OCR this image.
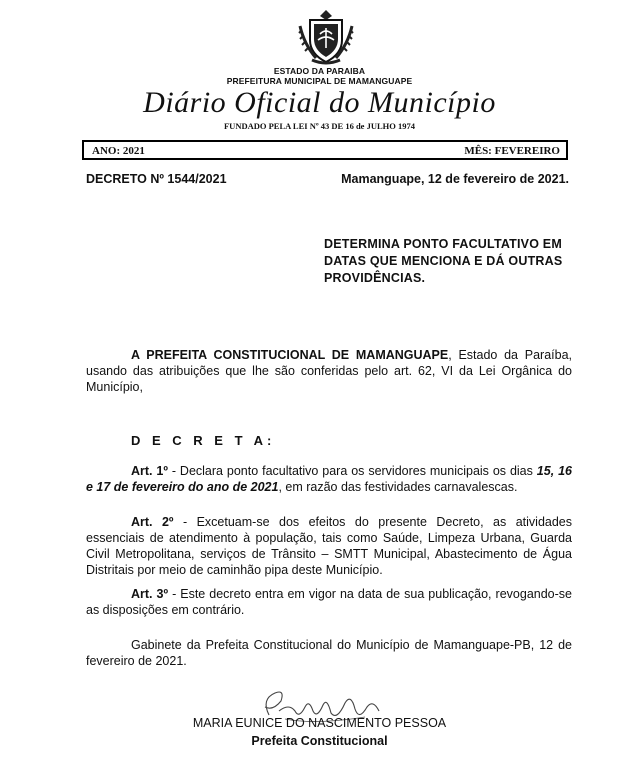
ESTADO DA PARAIBA
PREFEITURA MUNICIPAL DE MAMANGUAPE
Diário Oficial do Município
FUNDADO PELA LEI Nº 43 DE 16 de JULHO 1974
ANO: 2021	MÊS: FEVEREIRO
DECRETO Nº 1544/2021	Mamanguape, 12 de fevereiro de 2021.
DETERMINA PONTO FACULTATIVO EM DATAS QUE MENCIONA E DÁ OUTRAS PROVIDÊNCIAS.
A PREFEITA CONSTITUCIONAL DE MAMANGUAPE, Estado da Paraíba, usando das atribuições que lhe são conferidas pelo art. 62, VI da Lei Orgânica do Município,
D E C R E T A:
Art. 1º - Declara ponto facultativo para os servidores municipais os dias 15, 16 e 17 de fevereiro do ano de 2021, em razão das festividades carnavalescas.
Art. 2º - Excetuam-se dos efeitos do presente Decreto, as atividades essenciais de atendimento à população, tais como Saúde, Limpeza Urbana, Guarda Civil Metropolitana, serviços de Trânsito – SMTT Municipal, Abastecimento de Água Distritais por meio de caminhão pipa deste Município.
Art. 3º - Este decreto entra em vigor na data de sua publicação, revogando-se as disposições em contrário.
Gabinete da Prefeita Constitucional do Município de Mamanguape-PB, 12 de fevereiro de 2021.
MARIA EUNICE DO NASCIMENTO PESSOA
Prefeita Constitucional
